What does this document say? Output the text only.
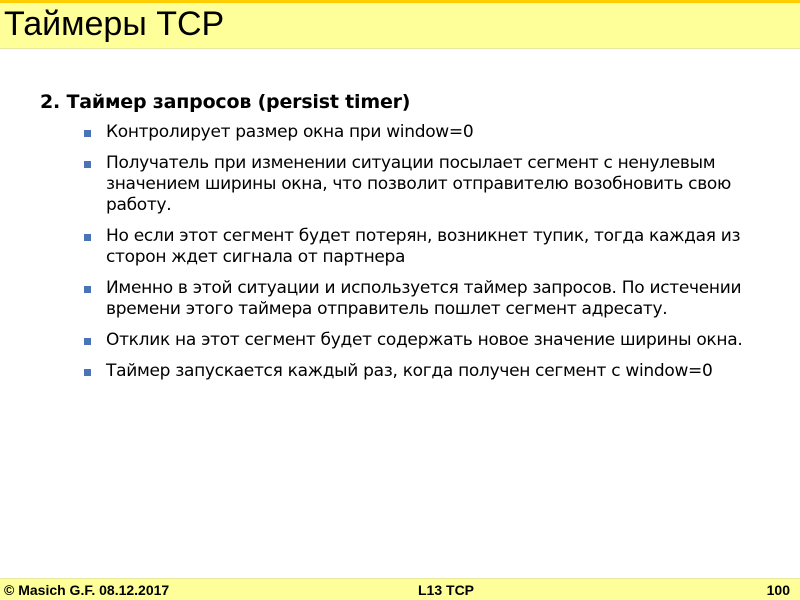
Таймеры TCP
2. Таймер запросов (persist timer)
Контролирует размер окна при window=0
Получатель при изменении ситуации посылает сегмент с ненулевым значением ширины окна, что позволит отправителю возобновить свою работу.
Но если этот сегмент будет потерян, возникнет тупик, тогда каждая из сторон ждет сигнала от партнера
Именно в этой ситуации и используется таймер запросов. По истечении времени этого таймера отправитель пошлет сегмент адресату.
Отклик на этот сегмент будет содержать новое значение ширины окна.
Таймер запускается каждый раз, когда получен сегмент с window=0
© Masich G.F. 08.12.2017	L13 TCP	100
